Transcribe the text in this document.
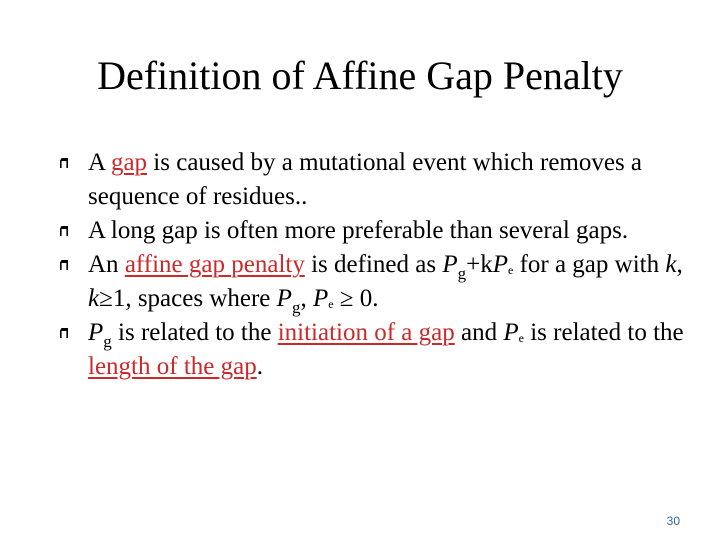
Definition of Affine Gap Penalty
A gap is caused by a mutational event which removes a sequence of residues..
A long gap is often more preferable than several gaps.
An affine gap penalty is defined as $P_g+kPe$ for a gap with k, k≥1, spaces where $P_g$, Pe ≥ 0.
$P_g$ is related to the initiation of a gap and Pe is related to the length of the gap.
30
